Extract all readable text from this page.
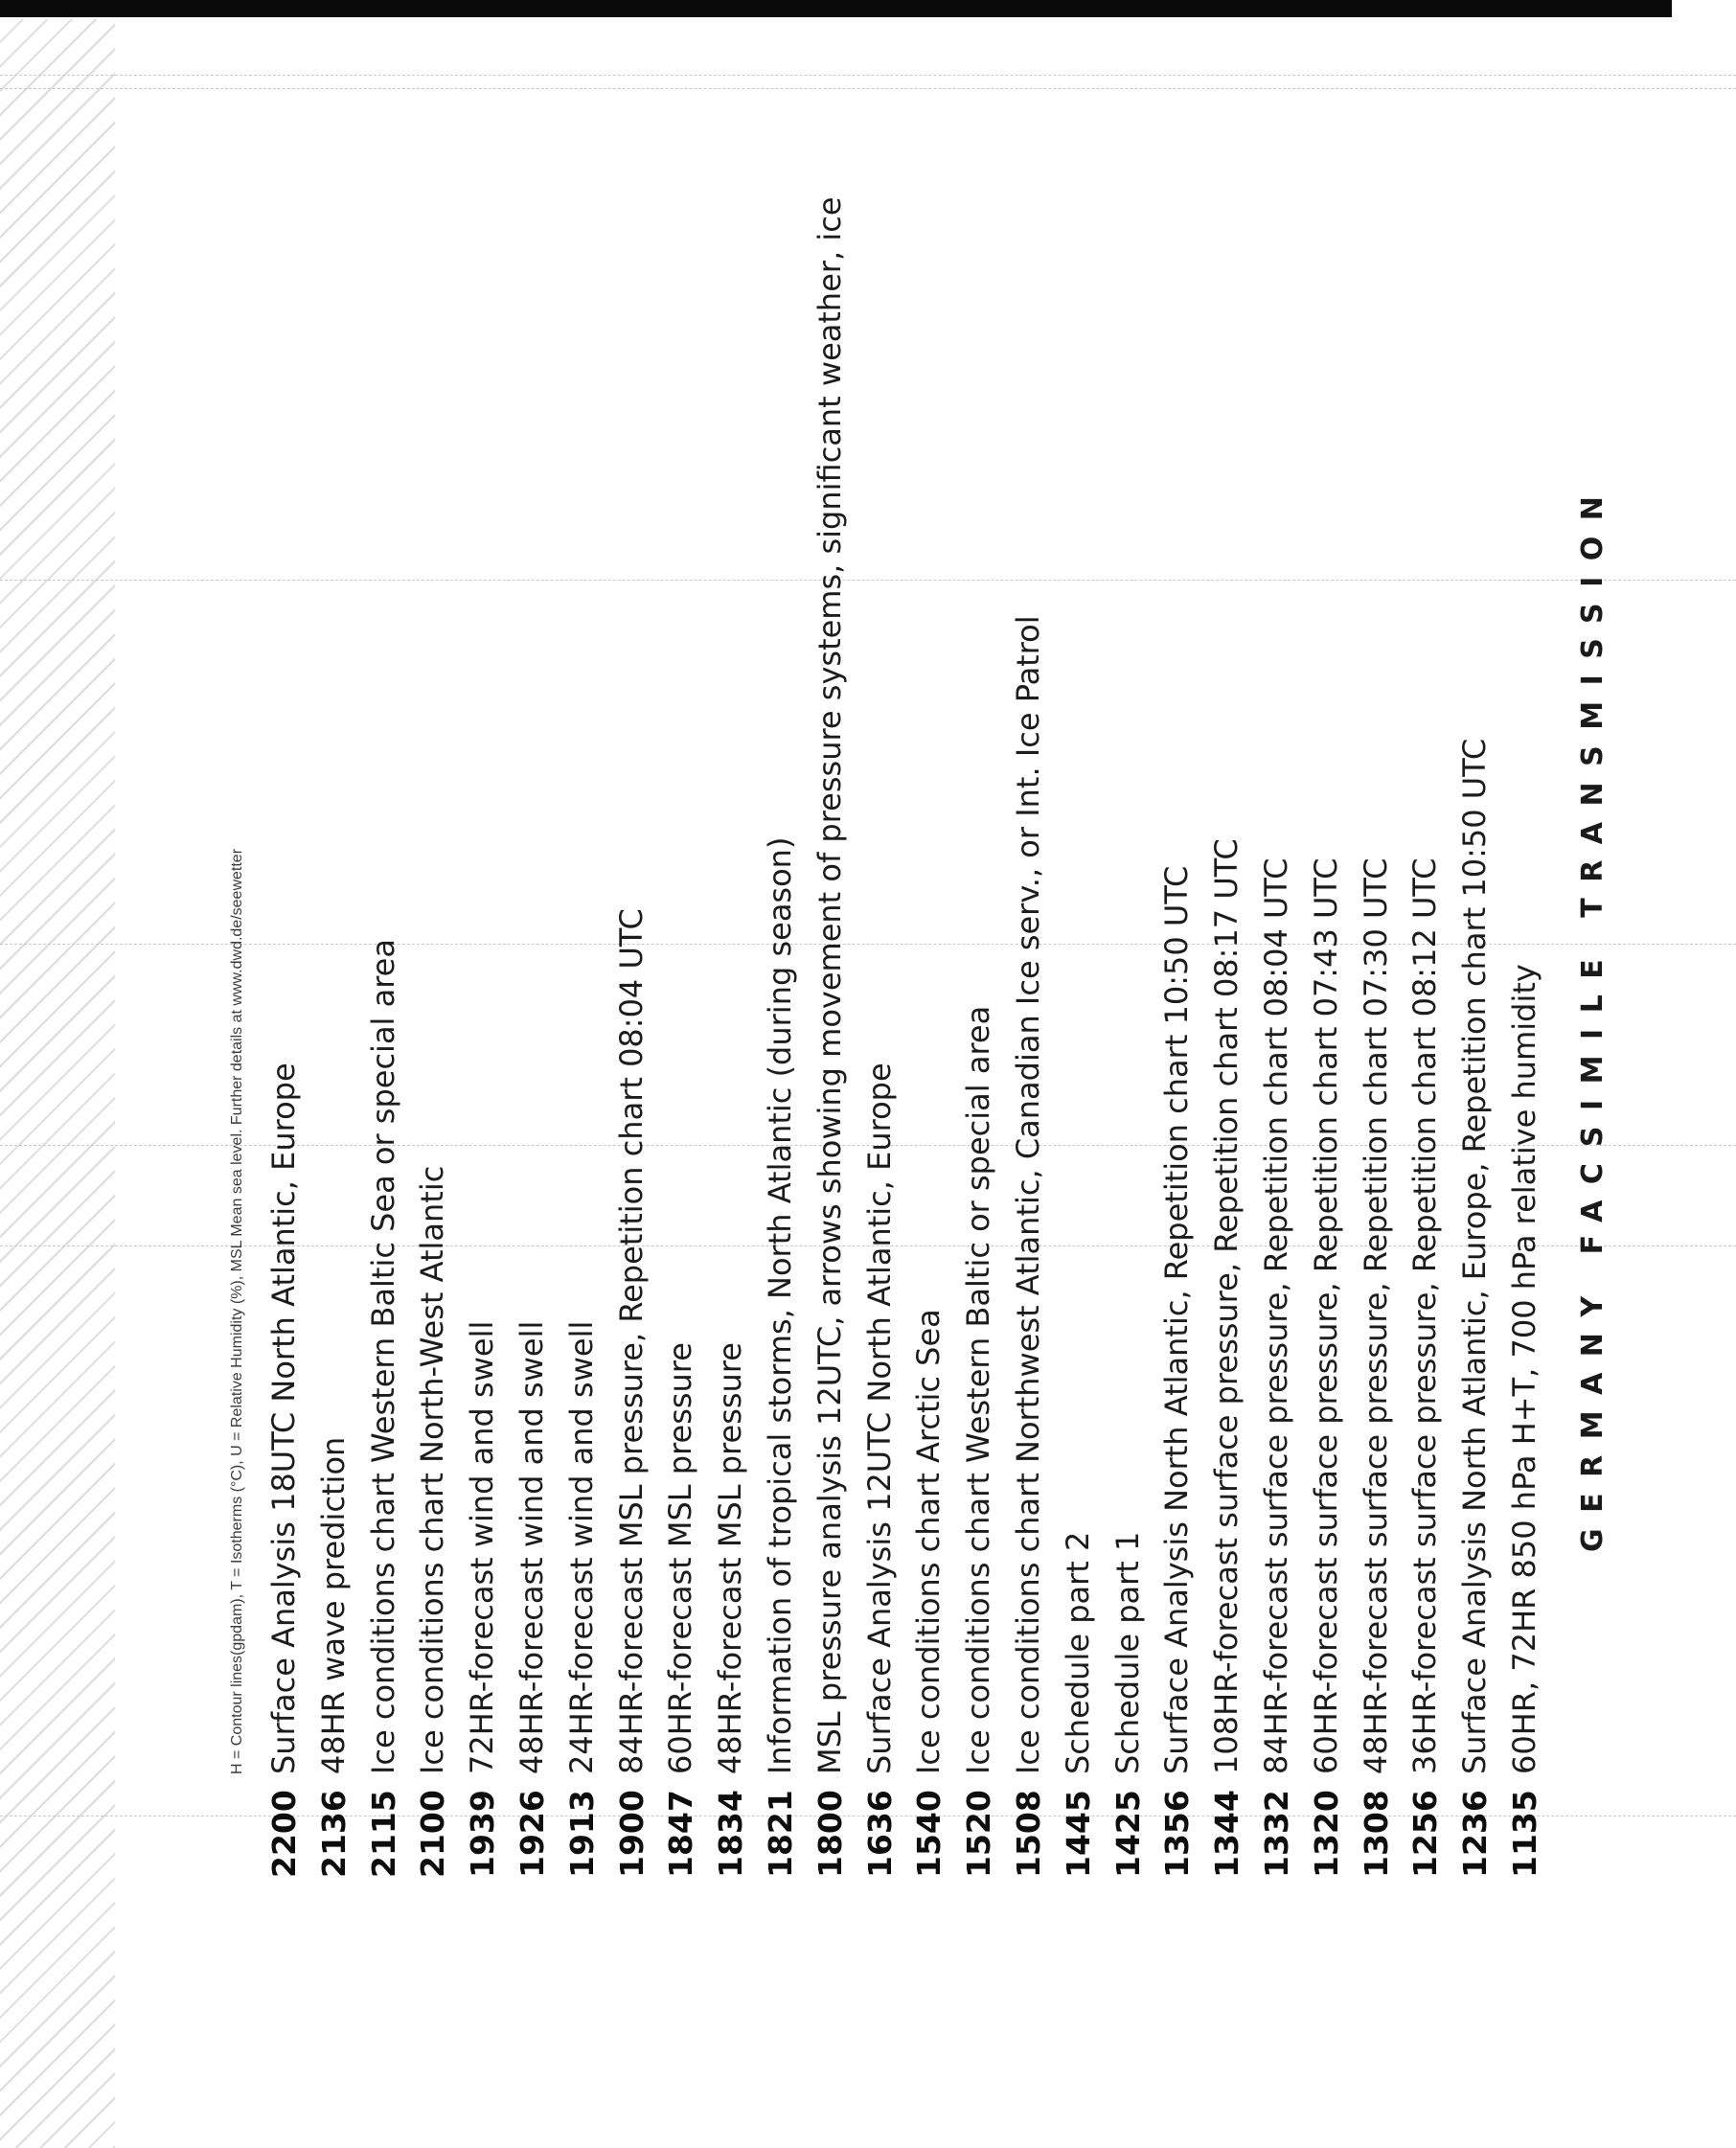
GERMANY FACSIMILE TRANSMISSION
1135
60HR, 72HR 850 hPa H+T, 700 hPa relative humidity
1236
Surface Analysis North Atlantic, Europe, Repetition chart 10:50 UTC
1256
36HR-forecast surface pressure, Repetition chart 08:12 UTC
1308
48HR-forecast surface pressure, Repetition chart 07:30 UTC
1320
60HR-forecast surface pressure, Repetition chart 07:43 UTC
1332
84HR-forecast surface pressure, Repetition chart 08:04 UTC
1344
108HR-forecast surface pressure, Repetition chart 08:17 UTC
1356
Surface Analysis North Atlantic, Repetition chart 10:50 UTC
1425
Schedule part 1
1445
Schedule part 2
1508
Ice conditions chart Northwest Atlantic, Canadian Ice serv., or Int. Ice Patrol
1520
Ice conditions chart Western Baltic or special area
1540
Ice conditions chart Arctic Sea
1636
Surface Analysis 12UTC North Atlantic, Europe
1800
MSL pressure analysis 12UTC, arrows showing movement of pressure systems, significant weather, ice
1821
Information of tropical storms, North Atlantic (during season)
1834
48HR-forecast MSL pressure
1847
60HR-forecast MSL pressure
1900
84HR-forecast MSL pressure, Repetition chart 08:04 UTC
1913
24HR-forecast wind and swell
1926
48HR-forecast wind and swell
1939
72HR-forecast wind and swell
2100
Ice conditions chart North-West Atlantic
2115
Ice conditions chart Western Baltic Sea or special area
2136
48HR wave prediction
2200
Surface Analysis 18UTC North Atlantic, Europe
H = Contour lines(gpdam), T = Isotherms (°C), U = Relative Humidity (%), MSL Mean sea level. Further details at www.dwd.de/seewetter
